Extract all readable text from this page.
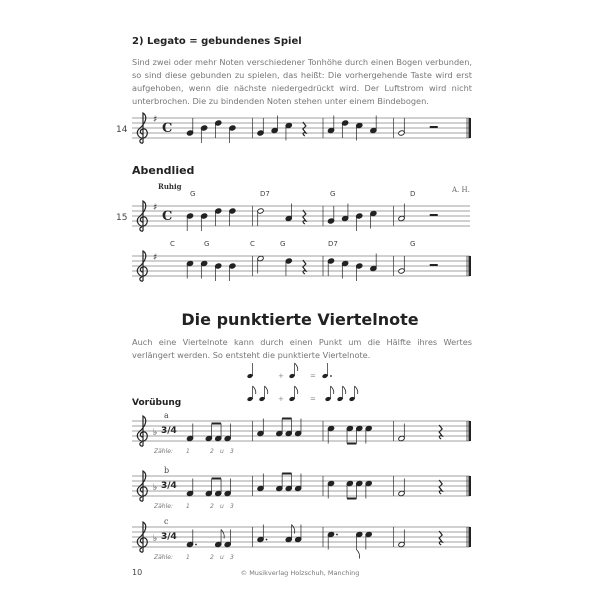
2) Legato = gebundenes Spiel
Sind zwei oder mehr Noten verschiedener Tonhöhe durch einen Bogen verbunden, so sind diese gebunden zu spielen, das heißt: Die vorhergehende Taste wird erst aufgehoben, wenn die nächste niedergedrückt wird. Der Luftstrom wird nicht unterbrochen. Die zu bindenden Noten stehen unter einem Bindebogen.
Abendlied
Ruhig	A. H.
Die punktierte Viertelnote
Auch eine Viertelnote kann durch einen Punkt um die Hälfte ihres Wertes verlängert werden. So entsteht die punktierte Viertelnote.
Vorübung
10	© Musikverlag Holzschuh, Manching
3/4
3/4
3/4
14
♯
C
15
♯
C
G	D7	G	D
♯
C	G	C	G	D7	G
♭
a
Zähle: 1	2 u 3
♭
b
Zähle: 1	2 u 3
♭
c
Zähle: 1	2 u 3
+
+
=
=
